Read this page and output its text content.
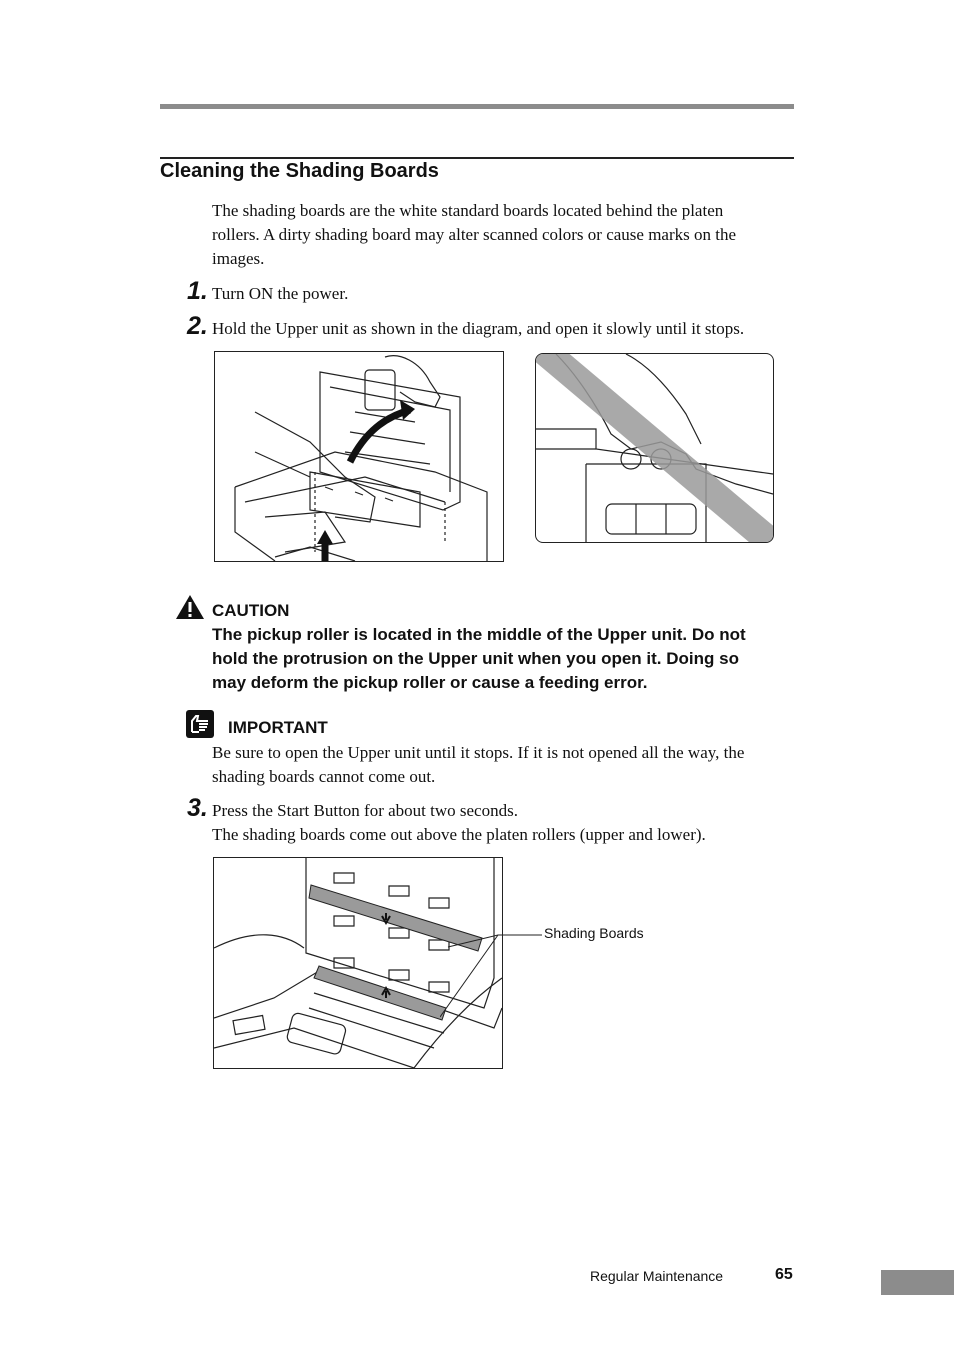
Cleaning the Shading Boards
The shading boards are the white standard boards located behind the platen
rollers. A dirty shading board may alter scanned colors or cause marks on the
images.
1. Turn ON the power.
2. Hold the Upper unit as shown in the diagram, and open it slowly until it stops.
CAUTION
The pickup roller is located in the middle of the Upper unit. Do not
hold the protrusion on the Upper unit when you open it. Doing so
may deform the pickup roller or cause a feeding error.
IMPORTANT
Be sure to open the Upper unit until it stops. If it is not opened all the way, the
shading boards cannot come out.
3. Press the Start Button for about two seconds.
The shading boards come out above the platen rollers (upper and lower).
Shading Boards
Regular Maintenance	65
